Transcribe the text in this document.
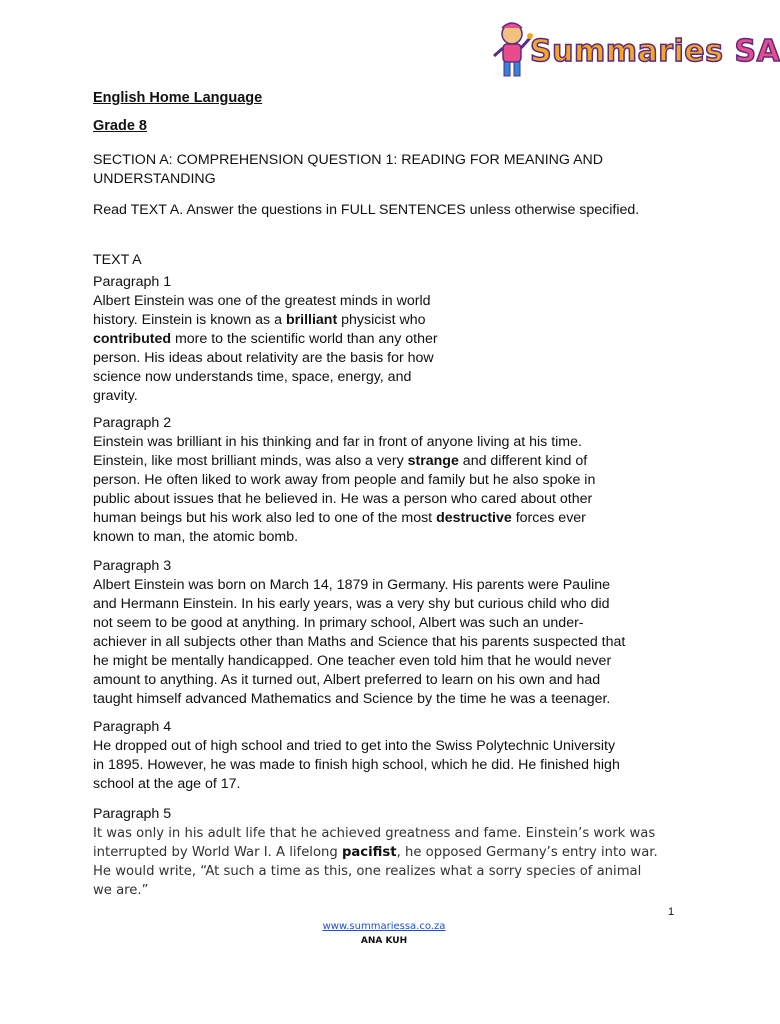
Summaries SA
English Home Language
Grade 8
SECTION A: COMPREHENSION QUESTION 1: READING FOR MEANING AND UNDERSTANDING
Read TEXT A. Answer the questions in FULL SENTENCES unless otherwise specified.
TEXT A
Paragraph 1
Albert Einstein was one of the greatest minds in world
history. Einstein is known as a brilliant physicist who
contributed more to the scientific world than any other
person. His ideas about relativity are the basis for how
science now understands time, space, energy, and
gravity.
Paragraph 2
Einstein was brilliant in his thinking and far in front of anyone living at his time.
Einstein, like most brilliant minds, was also a very strange and different kind of
person. He often liked to work away from people and family but he also spoke in
public about issues that he believed in. He was a person who cared about other
human beings but his work also led to one of the most destructive forces ever
known to man, the atomic bomb.
Paragraph 3
Albert Einstein was born on March 14, 1879 in Germany. His parents were Pauline
and Hermann Einstein. In his early years, was a very shy but curious child who did
not seem to be good at anything. In primary school, Albert was such an under-
achiever in all subjects other than Maths and Science that his parents suspected that
he might be mentally handicapped. One teacher even told him that he would never
amount to anything. As it turned out, Albert preferred to learn on his own and had
taught himself advanced Mathematics and Science by the time he was a teenager.
Paragraph 4
He dropped out of high school and tried to get into the Swiss Polytechnic University
in 1895. However, he was made to finish high school, which he did. He finished high
school at the age of 17.
Paragraph 5
It was only in his adult life that he achieved greatness and fame. Einstein’s work was
interrupted by World War I. A lifelong pacifist, he opposed Germany’s entry into war.
He would write, “At such a time as this, one realizes what a sorry species of animal
we are.”
1
www.summariessa.co.za
ANA KUH
